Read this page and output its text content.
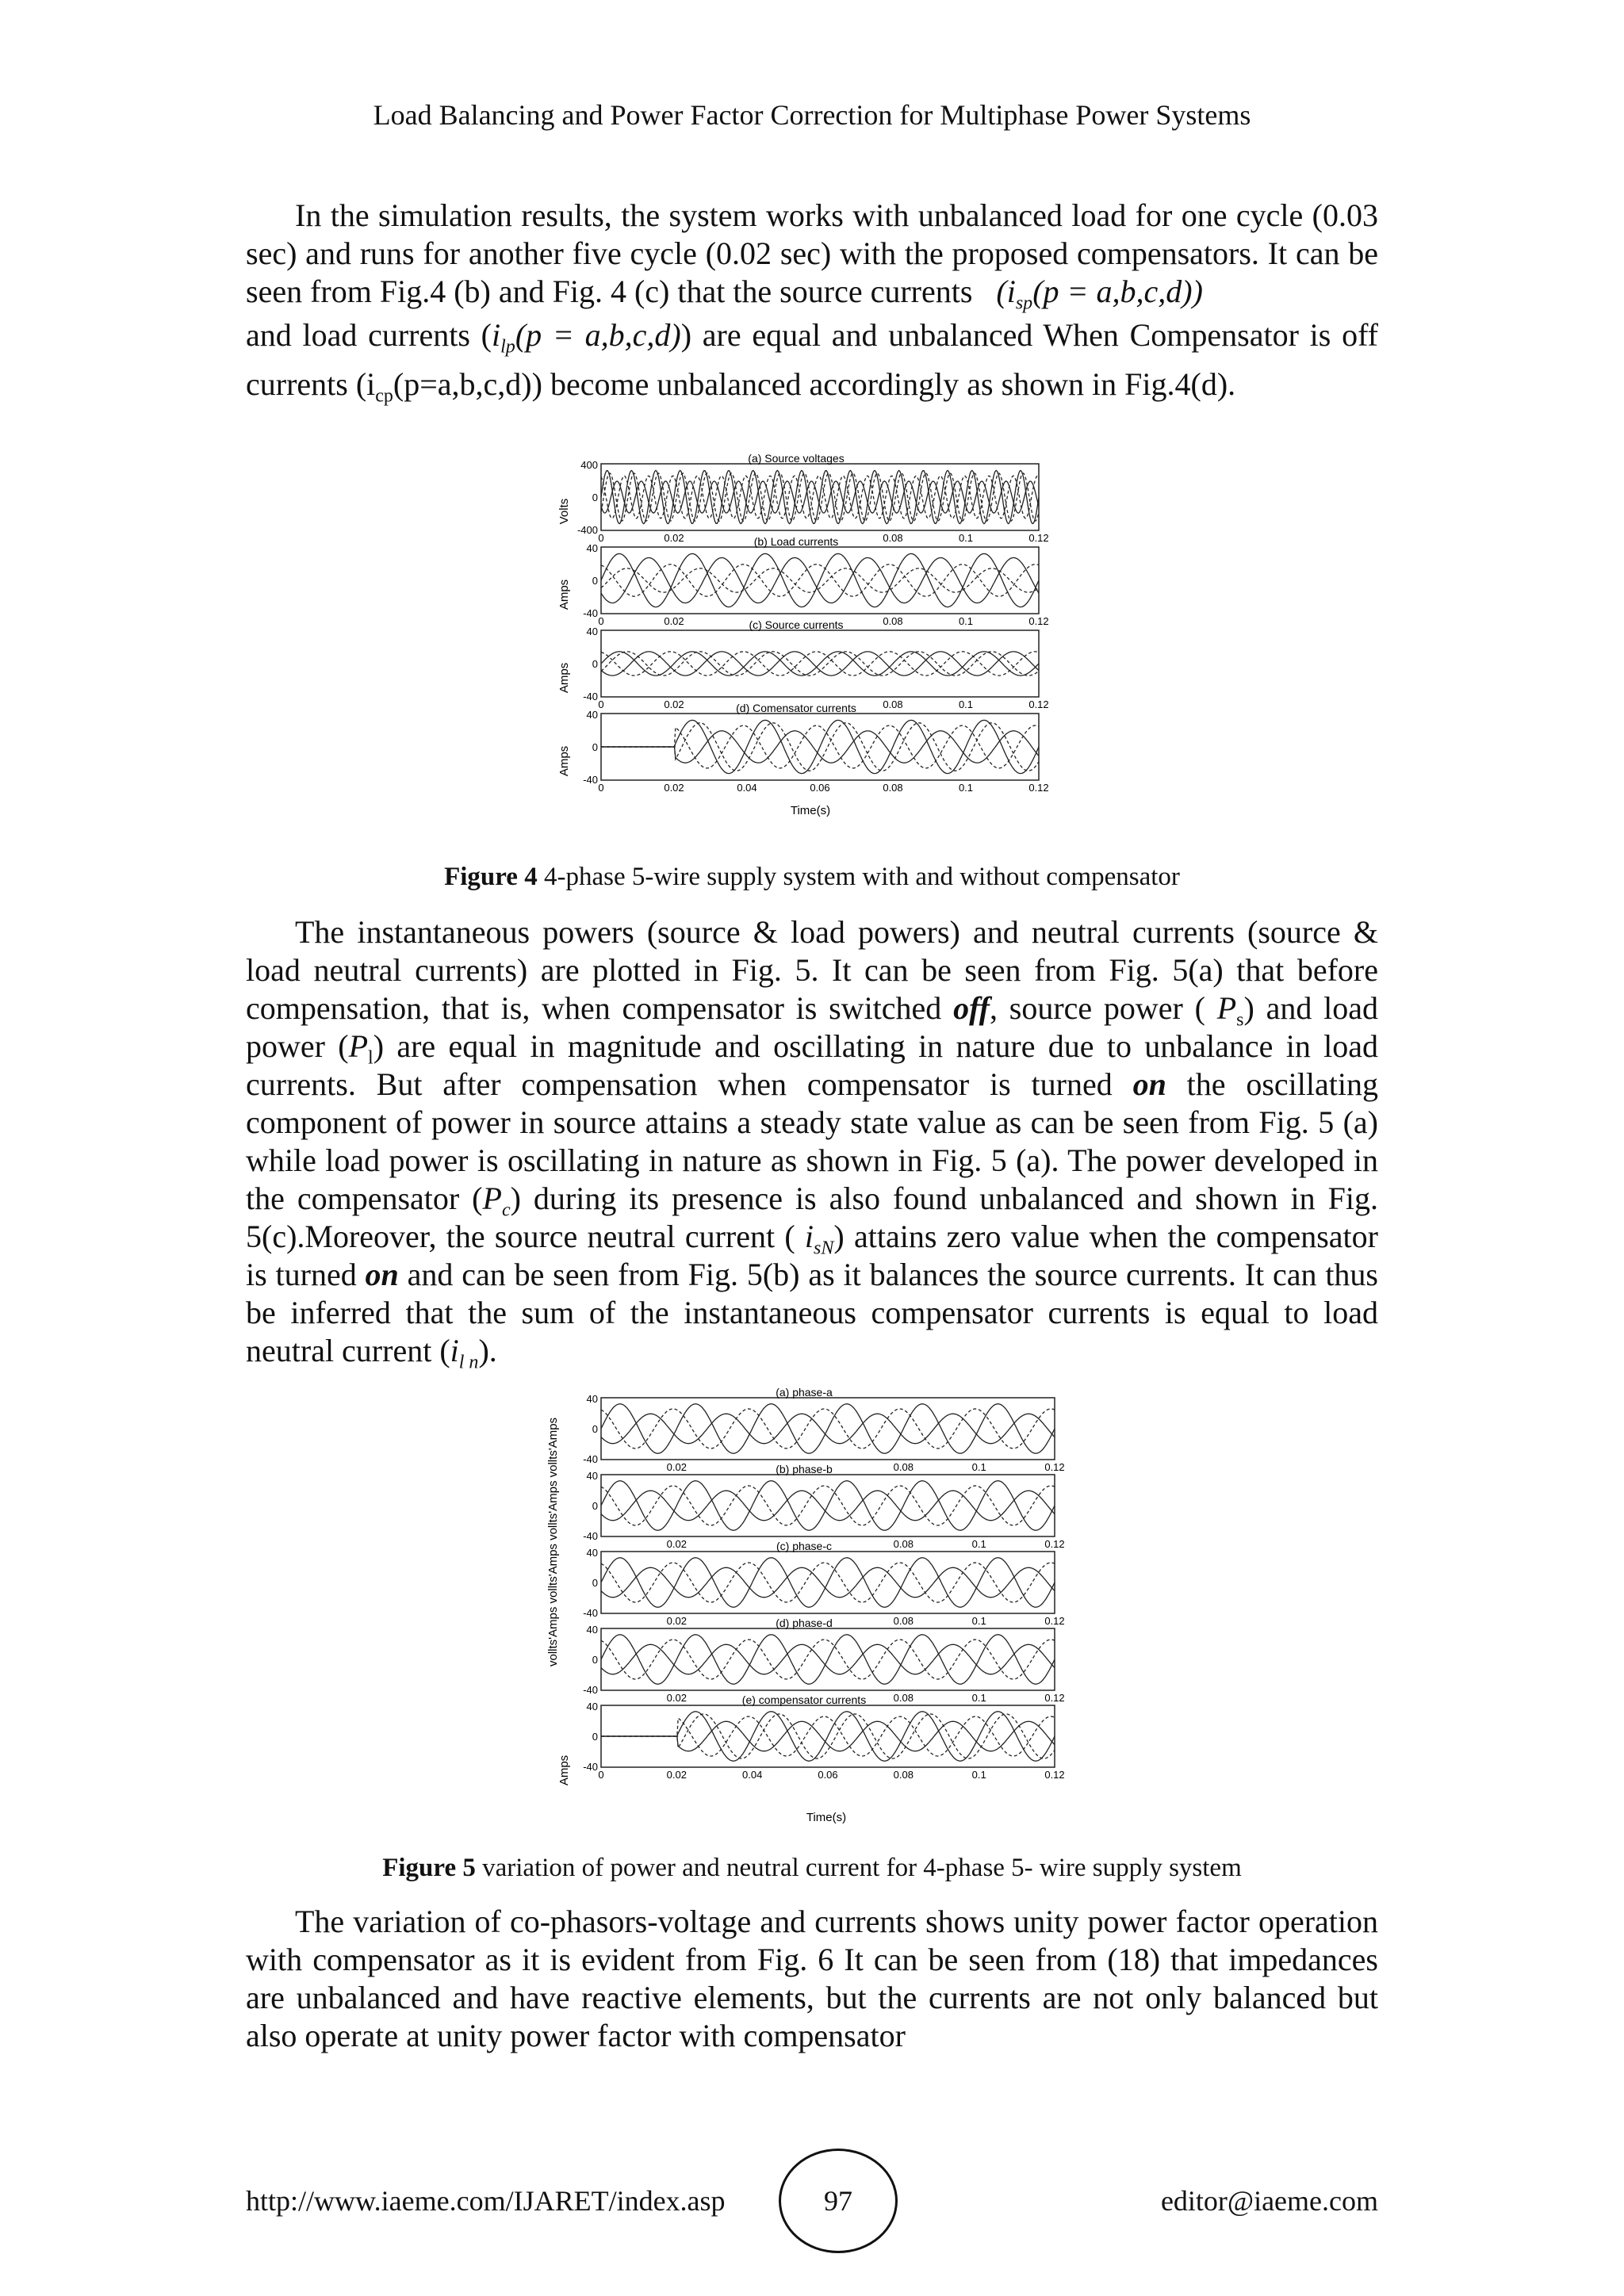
Load Balancing and Power Factor Correction for Multiphase Power Systems

In the simulation results, the system works with unbalanced load for one cycle (0.03 sec) and runs for another five cycle (0.02 sec) with the proposed compensators. It can be seen from Fig.4 (b) and Fig. 4 (c) that the source currents $(i_{sp}(p = a,b,c,d))$
and load currents $(i_{lp}(p = a,b,c,d))$ are equal and unbalanced When Compensator is off currents $(i_{cp}(p=a,b,c,d))$ become unbalanced accordingly as shown in Fig.4(d).

Volts
Amps
Amps
Amps
(a) Source voltages
400
0
-400
0	0.02	0.08	0.1	0.12
(b) Load currents
40
0
-40
0	0.02	0.08	0.1	0.12
(c) Source currents
40
0
-40
0	0.02	0.08	0.1	0.12
(d) Comensator currents
40
0
-40
0	0.02	0.04	0.06	0.08	0.1	0.12
Time(s)
Figure 4 4-phase 5-wire supply system with and without compensator

The instantaneous powers (source & load powers) and neutral currents (source & load neutral currents) are plotted in Fig. 5. It can be seen from Fig. 5(a) that before compensation, that is, when compensator is switched off, source power ( $P_s$) and load power $(P_l)$ are equal in magnitude and oscillating in nature due to unbalance in load currents. But after compensation when compensator is turned on the oscillating component of power in source attains a steady state value as can be seen from Fig. 5 (a) while load power is oscillating in nature as shown in Fig. 5 (a). The power developed in the compensator $(P_c)$ during its presence is also found unbalanced and shown in Fig. 5(c).Moreover, the source neutral current ( $i_{sN}$) attains zero value when the compensator is turned on and can be seen from Fig. 5(b) as it balances the source currents. It can thus be inferred that the sum of the instantaneous compensator currents is equal to load neutral current $(i_{l n})$.

vollts'Amps vollts'Amps vollts'Amps vollts'Amps
Amps
(a) phase-a
40
0
-40
0.02	0.08	0.1	0.12
(b) phase-b
40
0
-40
0.02	0.08	0.1	0.12
(c) phase-c
40
0
-40
0.02	0.08	0.1	0.12
(d) phase-d
40
0
-40
0.02	0.08	0.1	0.12
(e) compensator currents
40
0
-40
0	0.02	0.04	0.06	0.08	0.1	0.12
Time(s)
Figure 5 variation of power and neutral current for 4-phase 5- wire supply system

The variation of co-phasors-voltage and currents shows unity power factor operation with compensator as it is evident from Fig. 6 It can be seen from (18) that impedances are unbalanced and have reactive elements, but the currents are not only balanced but also operate at unity power factor with compensator

http://www.iaeme.com/IJARET/index.asp	97	editor@iaeme.com
